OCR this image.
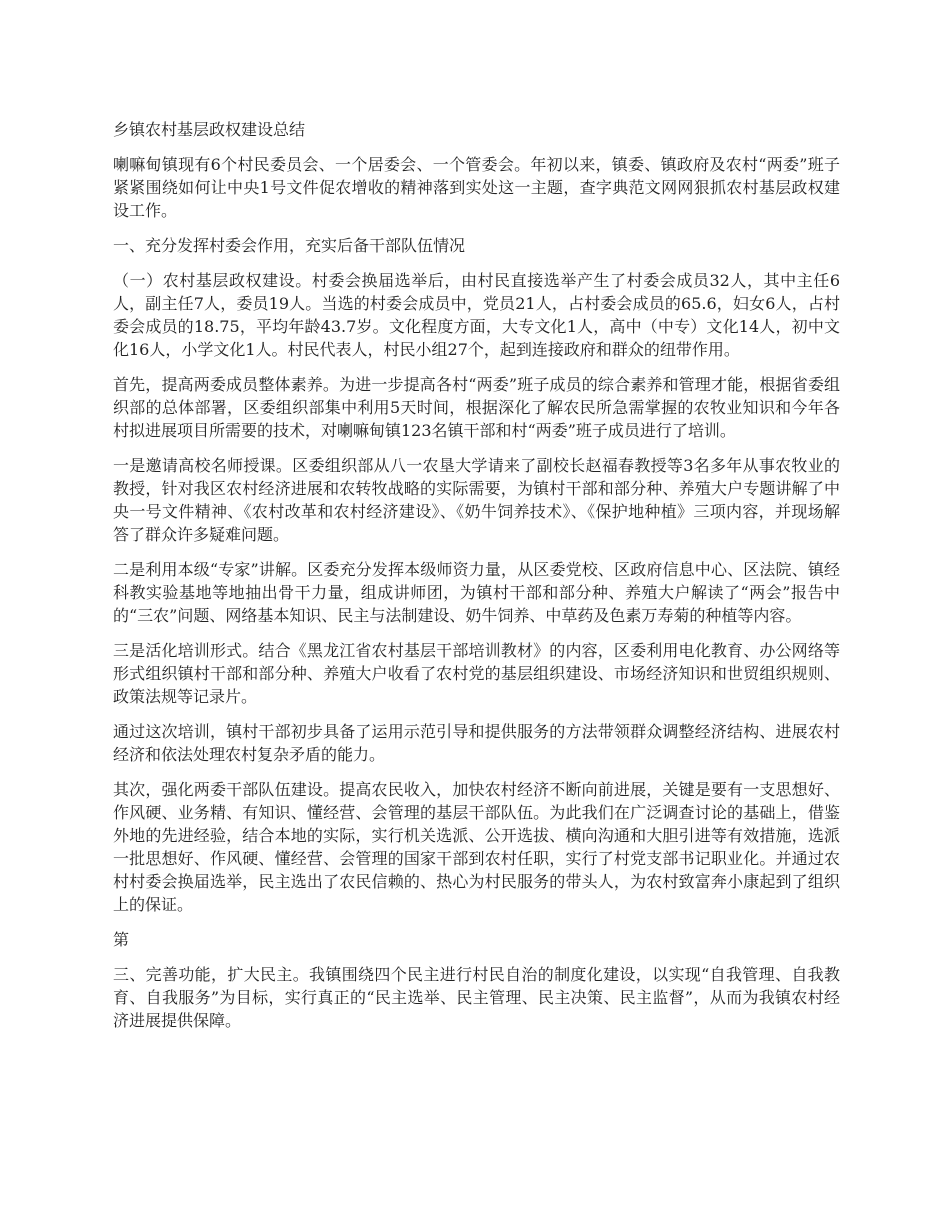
乡镇农村基层政权建设总结

喇嘛甸镇现有6个村民委员会、一个居委会、一个管委会。年初以来，镇委、镇政府及农村“两委”班子紧紧围绕如何让中央1号文件促农增收的精神落到实处这一主题，查字典范文网网狠抓农村基层政权建设工作。

一、充分发挥村委会作用，充实后备干部队伍情况

（一）农村基层政权建设。村委会换届选举后，由村民直接选举产生了村委会成员32人，其中主任6人，副主任7人，委员19人。当选的村委会成员中，党员21人，占村委会成员的65.6，妇女6人，占村委会成员的18.75，平均年龄43.7岁。文化程度方面，大专文化1人，高中（中专）文化14人，初中文化16人，小学文化1人。村民代表人，村民小组27个，起到连接政府和群众的纽带作用。

首先，提高两委成员整体素养。为进一步提高各村“两委”班子成员的综合素养和管理才能，根据省委组织部的总体部署，区委组织部集中利用5天时间，根据深化了解农民所急需掌握的农牧业知识和今年各村拟进展项目所需要的技术，对喇嘛甸镇123名镇干部和村“两委”班子成员进行了培训。

一是邀请高校名师授课。区委组织部从八一农垦大学请来了副校长赵福春教授等3名多年从事农牧业的教授，针对我区农村经济进展和农转牧战略的实际需要，为镇村干部和部分种、养殖大户专题讲解了中央一号文件精神、《农村改革和农村经济建设》、《奶牛饲养技术》、《保护地种植》三项内容，并现场解答了群众许多疑难问题。

二是利用本级“专家”讲解。区委充分发挥本级师资力量，从区委党校、区政府信息中心、区法院、镇经科教实验基地等地抽出骨干力量，组成讲师团，为镇村干部和部分种、养殖大户解读了“两会”报告中的“三农”问题、网络基本知识、民主与法制建设、奶牛饲养、中草药及色素万寿菊的种植等内容。

三是活化培训形式。结合《黑龙江省农村基层干部培训教材》的内容，区委利用电化教育、办公网络等形式组织镇村干部和部分种、养殖大户收看了农村党的基层组织建设、市场经济知识和世贸组织规则、政策法规等记录片。

通过这次培训，镇村干部初步具备了运用示范引导和提供服务的方法带领群众调整经济结构、进展农村经济和依法处理农村复杂矛盾的能力。

其次，强化两委干部队伍建设。提高农民收入，加快农村经济不断向前进展，关键是要有一支思想好、作风硬、业务精、有知识、懂经营、会管理的基层干部队伍。为此我们在广泛调查讨论的基础上，借鉴外地的先进经验，结合本地的实际，实行机关选派、公开选拔、横向沟通和大胆引进等有效措施，选派一批思想好、作风硬、懂经营、会管理的国家干部到农村任职，实行了村党支部书记职业化。并通过农村村委会换届选举，民主选出了农民信赖的、热心为村民服务的带头人，为农村致富奔小康起到了组织上的保证。

第

三、完善功能，扩大民主。我镇围绕四个民主进行村民自治的制度化建设，以实现“自我管理、自我教育、自我服务”为目标，实行真正的“民主选举、民主管理、民主决策、民主监督”，从而为我镇农村经济进展提供保障。
